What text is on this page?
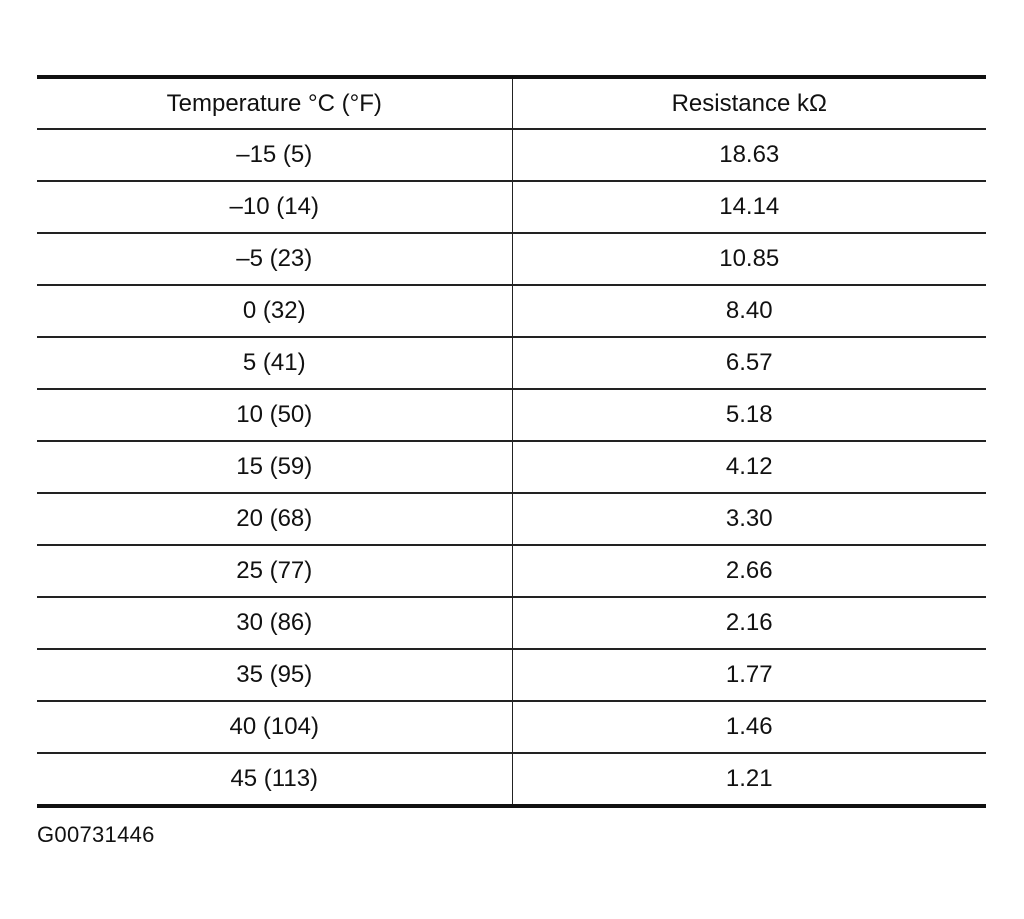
Temperature °C (°F)	Resistance kΩ
–15 (5)	18.63
–10 (14)	14.14
–5 (23)	10.85
0 (32)	8.40
5 (41)	6.57
10 (50)	5.18
15 (59)	4.12
20 (68)	3.30
25 (77)	2.66
30 (86)	2.16
35 (95)	1.77
40 (104)	1.46
45 (113)	1.21
G00731446
